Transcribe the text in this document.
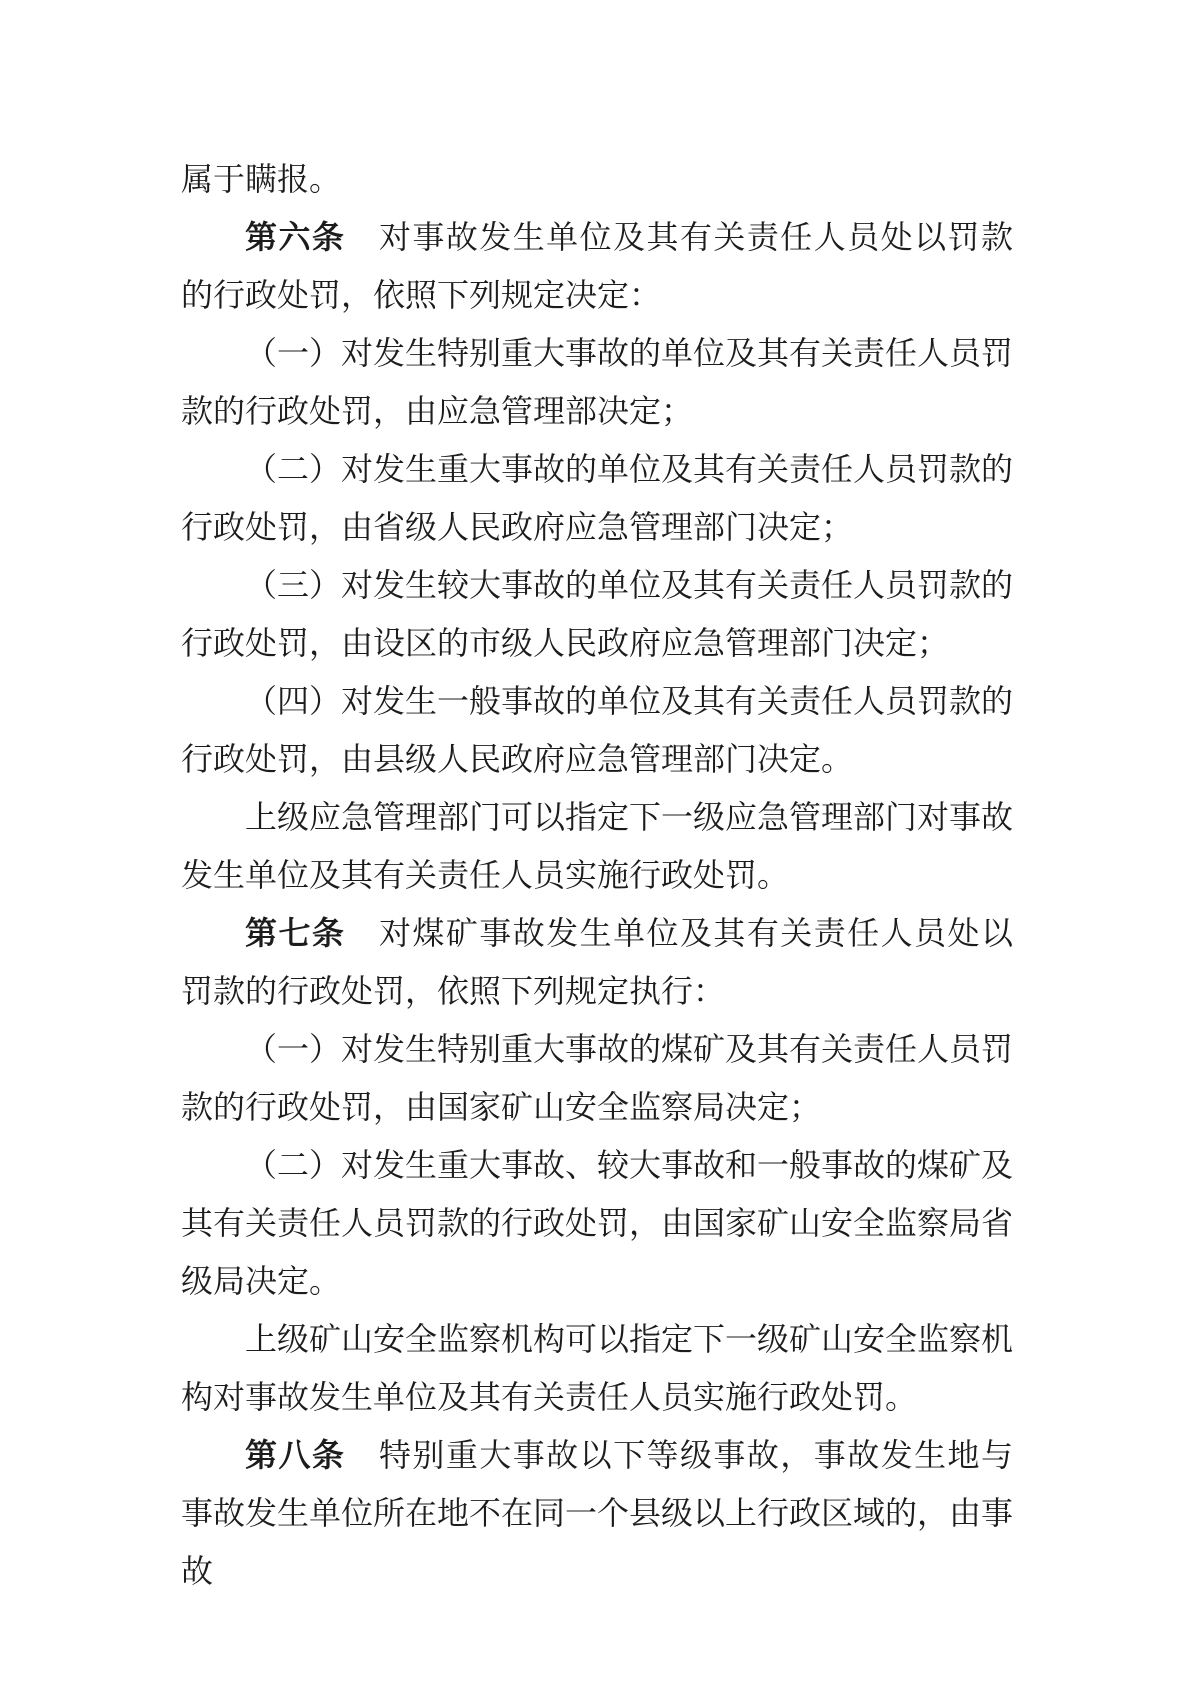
属于瞒报。

第六条 对事故发生单位及其有关责任人员处以罚款的行政处罚，依照下列规定决定：

（一）对发生特别重大事故的单位及其有关责任人员罚款的行政处罚，由应急管理部决定；

（二）对发生重大事故的单位及其有关责任人员罚款的行政处罚，由省级人民政府应急管理部门决定；

（三）对发生较大事故的单位及其有关责任人员罚款的行政处罚，由设区的市级人民政府应急管理部门决定；

（四）对发生一般事故的单位及其有关责任人员罚款的行政处罚，由县级人民政府应急管理部门决定。

上级应急管理部门可以指定下一级应急管理部门对事故发生单位及其有关责任人员实施行政处罚。

第七条 对煤矿事故发生单位及其有关责任人员处以罚款的行政处罚，依照下列规定执行：

（一）对发生特别重大事故的煤矿及其有关责任人员罚款的行政处罚，由国家矿山安全监察局决定；

（二）对发生重大事故、较大事故和一般事故的煤矿及其有关责任人员罚款的行政处罚，由国家矿山安全监察局省级局决定。

上级矿山安全监察机构可以指定下一级矿山安全监察机构对事故发生单位及其有关责任人员实施行政处罚。

第八条 特别重大事故以下等级事故，事故发生地与事故发生单位所在地不在同一个县级以上行政区域的，由事故
